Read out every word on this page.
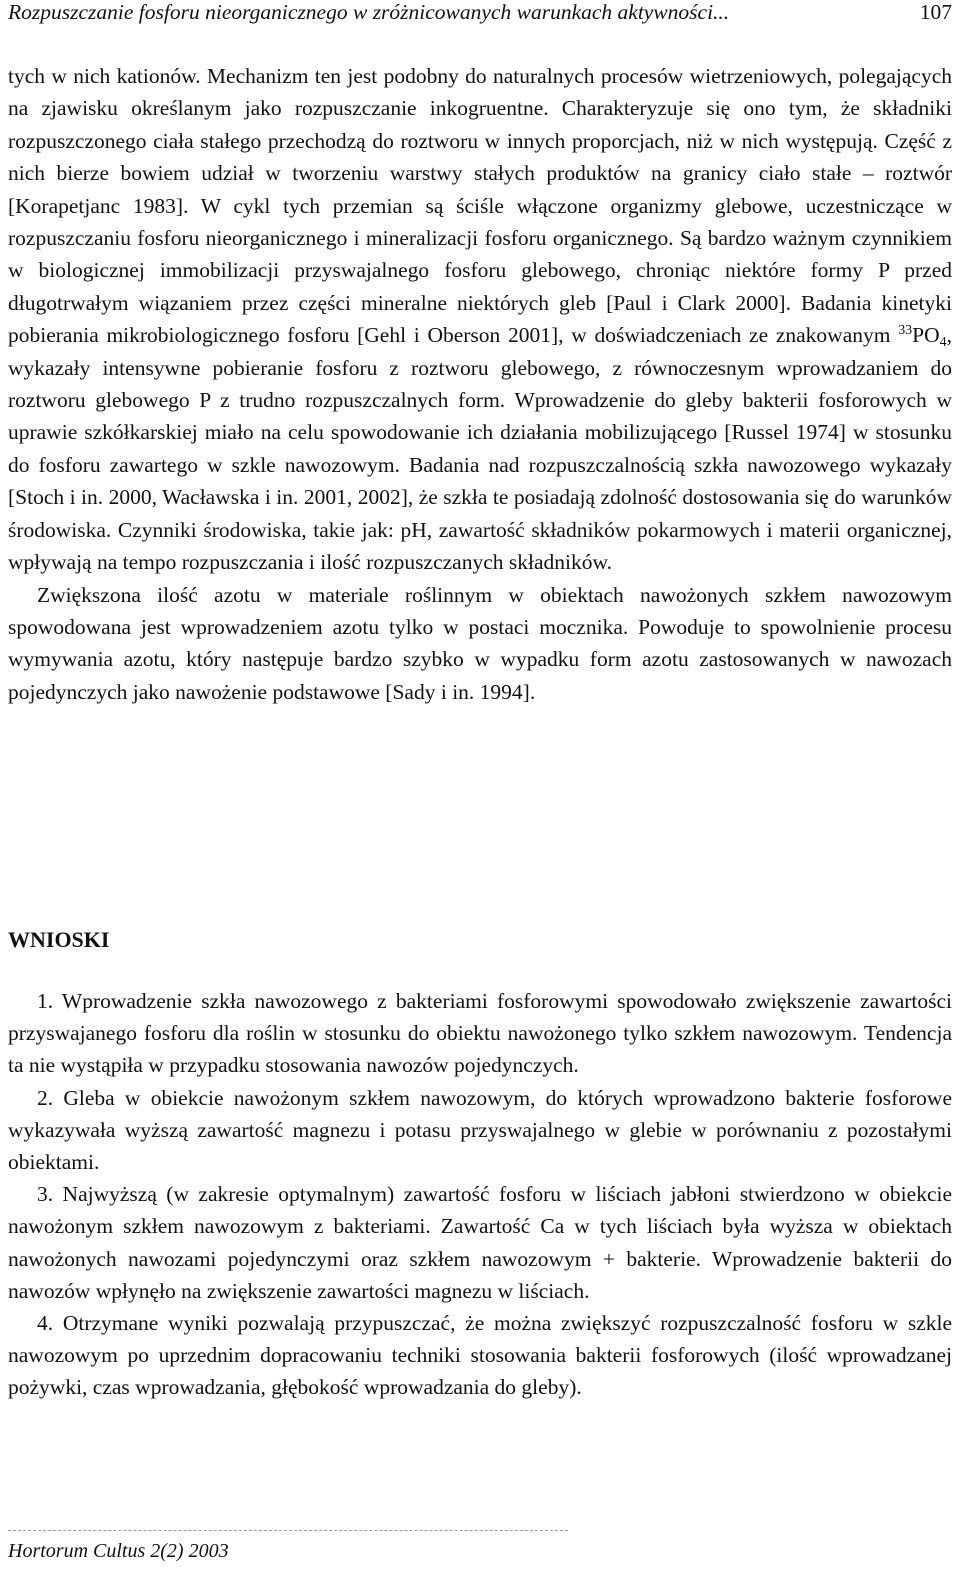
Rozpuszczanie fosforu nieorganicznego w zróżnicowanych warunkach aktywności...	107

tych w nich kationów. Mechanizm ten jest podobny do naturalnych procesów wietrzeniowych, polegających na zjawisku określanym jako rozpuszczanie inkogruentne. Charakteryzuje się ono tym, że składniki rozpuszczonego ciała stałego przechodzą do roztworu w innych proporcjach, niż w nich występują. Część z nich bierze bowiem udział w tworzeniu warstwy stałych produktów na granicy ciało stałe – roztwór [Korapetjanc 1983]. W cykl tych przemian są ściśle włączone organizmy glebowe, uczestniczące w rozpuszczaniu fosforu nieorganicznego i mineralizacji fosforu organicznego. Są bardzo ważnym czynnikiem w biologicznej immobilizacji przyswajalnego fosforu glebowego, chroniąc niektóre formy P przed długotrwałym wiązaniem przez części mineralne niektórych gleb [Paul i Clark 2000]. Badania kinetyki pobierania mikrobiologicznego fosforu [Gehl i Oberson 2001], w doświadczeniach ze znakowanym $^{33}PO_4$, wykazały intensywne pobieranie fosforu z roztworu glebowego, z równoczesnym wprowadzaniem do roztworu glebowego P z trudno rozpuszczalnych form. Wprowadzenie do gleby bakterii fosforowych w uprawie szkółkarskiej miało na celu spowodowanie ich działania mobilizującego [Russel 1974] w stosunku do fosforu zawartego w szkle nawozowym. Badania nad rozpuszczalnością szkła nawozowego wykazały [Stoch i in. 2000, Wacławska i in. 2001, 2002], że szkła te posiadają zdolność dostosowania się do warunków środowiska. Czynniki środowiska, takie jak: pH, zawartość składników pokarmowych i materii organicznej, wpływają na tempo rozpuszczania i ilość rozpuszczanych składników.

Zwiększona ilość azotu w materiale roślinnym w obiektach nawożonych szkłem nawozowym spowodowana jest wprowadzeniem azotu tylko w postaci mocznika. Powoduje to spowolnienie procesu wymywania azotu, który następuje bardzo szybko w wypadku form azotu zastosowanych w nawozach pojedynczych jako nawożenie podstawowe [Sady i in. 1994].

WNIOSKI

1. Wprowadzenie szkła nawozowego z bakteriami fosforowymi spowodowało zwiększenie zawartości przyswajanego fosforu dla roślin w stosunku do obiektu nawożonego tylko szkłem nawozowym. Tendencja ta nie wystąpiła w przypadku stosowania nawozów pojedynczych.

2. Gleba w obiekcie nawożonym szkłem nawozowym, do których wprowadzono bakterie fosforowe wykazywała wyższą zawartość magnezu i potasu przyswajalnego w glebie w porównaniu z pozostałymi obiektami.

3. Najwyższą (w zakresie optymalnym) zawartość fosforu w liściach jabłoni stwierdzono w obiekcie nawożonym szkłem nawozowym z bakteriami. Zawartość Ca w tych liściach była wyższa w obiektach nawożonych nawozami pojedynczymi oraz szkłem nawozowym + bakterie. Wprowadzenie bakterii do nawozów wpłynęło na zwiększenie zawartości magnezu w liściach.

4. Otrzymane wyniki pozwalają przypuszczać, że można zwiększyć rozpuszczalność fosforu w szkle nawozowym po uprzednim dopracowaniu techniki stosowania bakterii fosforowych (ilość wprowadzanej pożywki, czas wprowadzania, głębokość wprowadzania do gleby).

Hortorum Cultus 2(2) 2003
